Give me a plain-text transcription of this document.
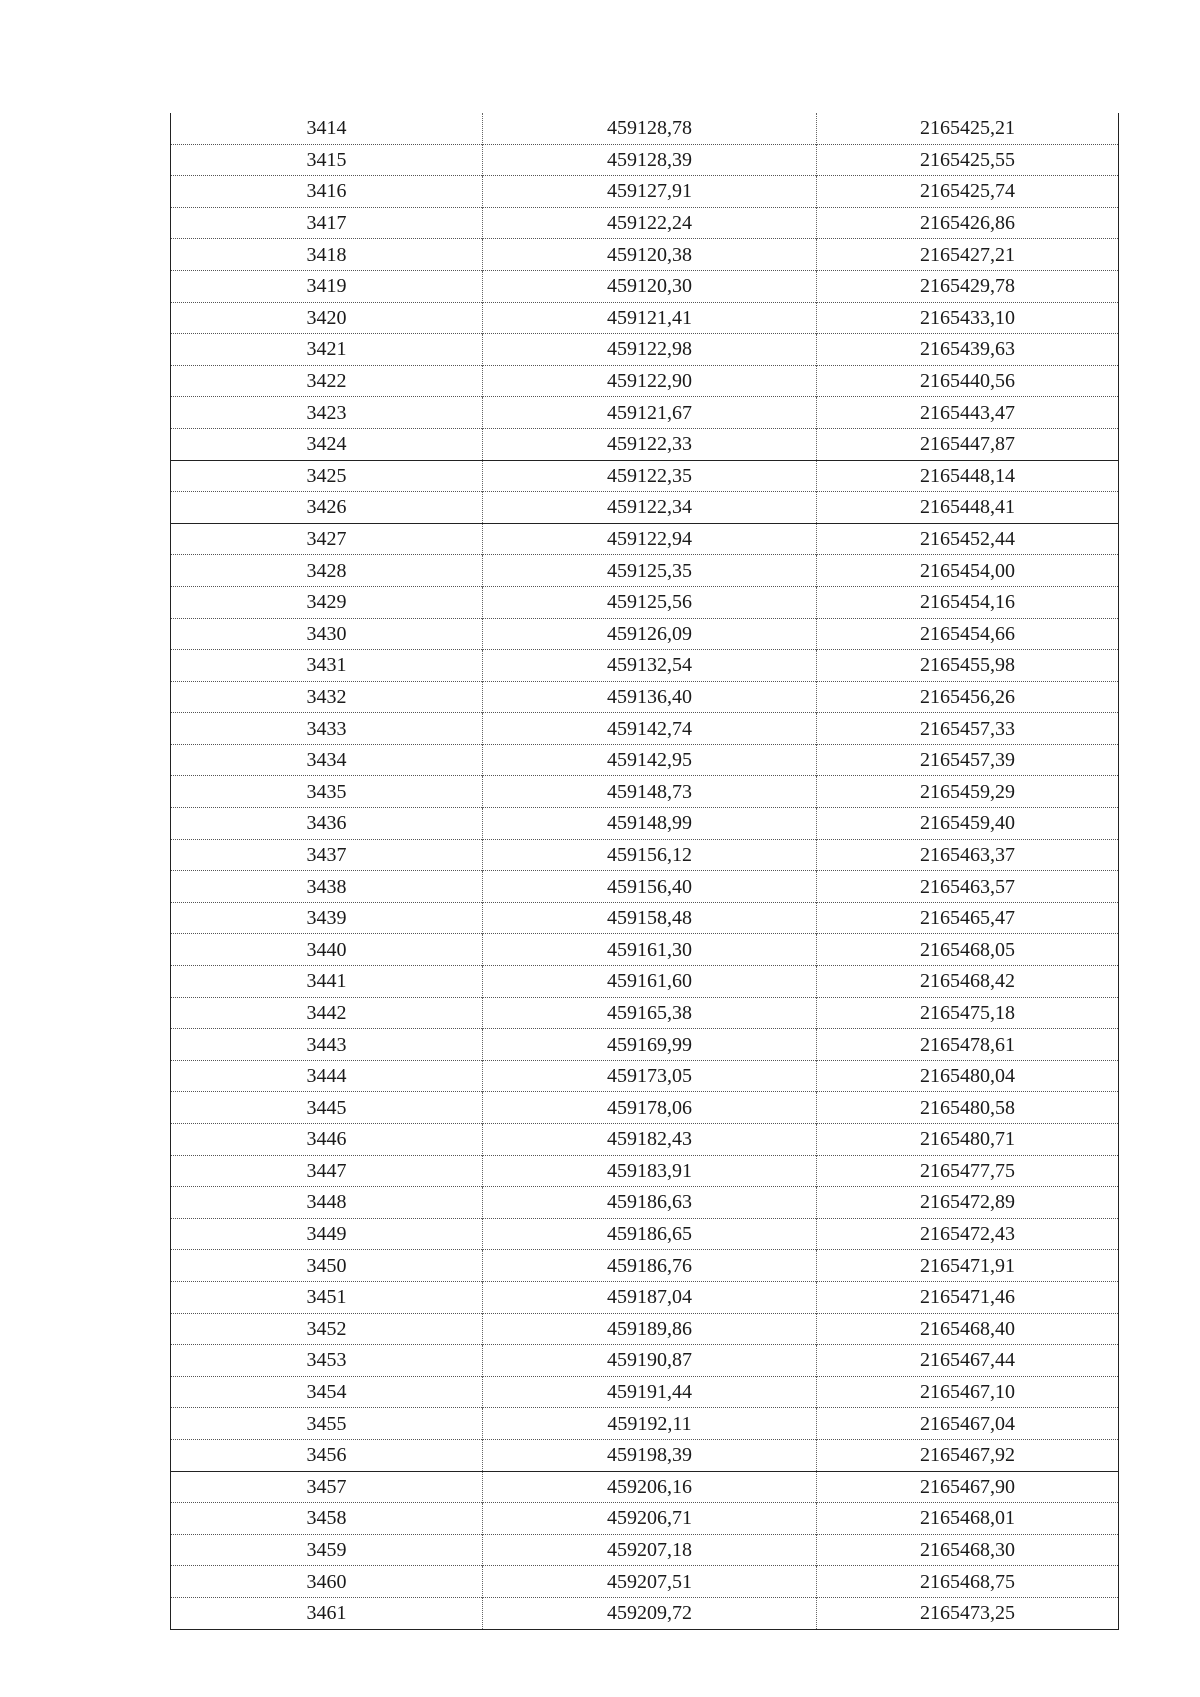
3414	459128,78	2165425,21
3415	459128,39	2165425,55
3416	459127,91	2165425,74
3417	459122,24	2165426,86
3418	459120,38	2165427,21
3419	459120,30	2165429,78
3420	459121,41	2165433,10
3421	459122,98	2165439,63
3422	459122,90	2165440,56
3423	459121,67	2165443,47
3424	459122,33	2165447,87
3425	459122,35	2165448,14
3426	459122,34	2165448,41
3427	459122,94	2165452,44
3428	459125,35	2165454,00
3429	459125,56	2165454,16
3430	459126,09	2165454,66
3431	459132,54	2165455,98
3432	459136,40	2165456,26
3433	459142,74	2165457,33
3434	459142,95	2165457,39
3435	459148,73	2165459,29
3436	459148,99	2165459,40
3437	459156,12	2165463,37
3438	459156,40	2165463,57
3439	459158,48	2165465,47
3440	459161,30	2165468,05
3441	459161,60	2165468,42
3442	459165,38	2165475,18
3443	459169,99	2165478,61
3444	459173,05	2165480,04
3445	459178,06	2165480,58
3446	459182,43	2165480,71
3447	459183,91	2165477,75
3448	459186,63	2165472,89
3449	459186,65	2165472,43
3450	459186,76	2165471,91
3451	459187,04	2165471,46
3452	459189,86	2165468,40
3453	459190,87	2165467,44
3454	459191,44	2165467,10
3455	459192,11	2165467,04
3456	459198,39	2165467,92
3457	459206,16	2165467,90
3458	459206,71	2165468,01
3459	459207,18	2165468,30
3460	459207,51	2165468,75
3461	459209,72	2165473,25
